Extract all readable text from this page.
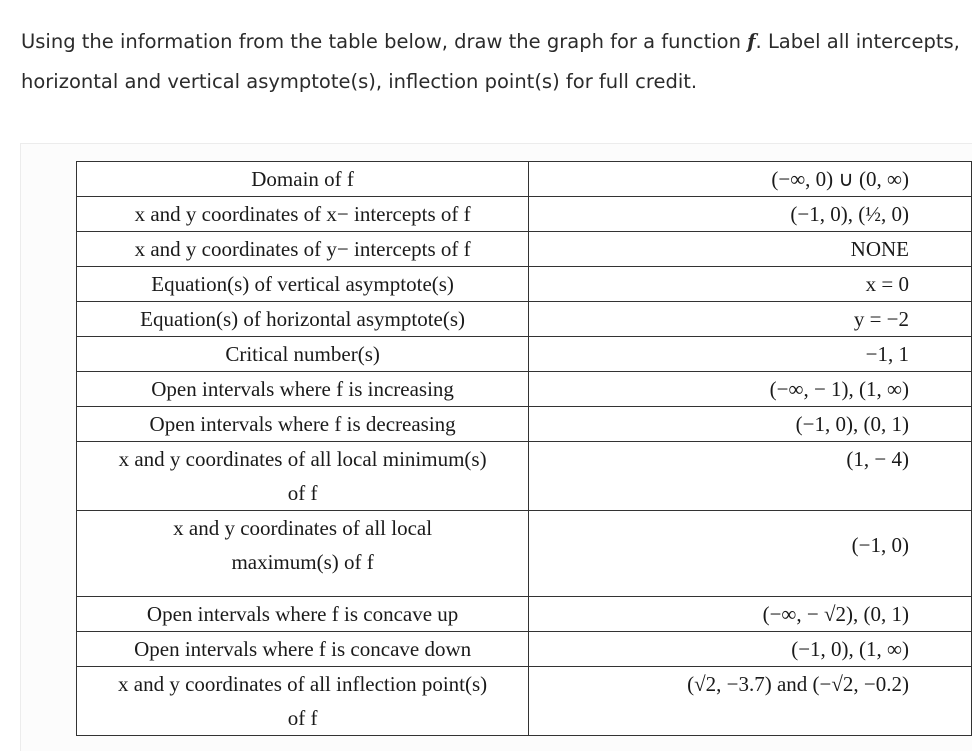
Using the information from the table below, draw the graph for a function f. Label all intercepts, horizontal and vertical asymptote(s), inflection point(s) for full credit.
Domain of f	(−∞, 0) ∪ (0, ∞)
x and y coordinates of x− intercepts of f	(−1, 0), (½, 0)
x and y coordinates of y− intercepts of f	NONE
Equation(s) of vertical asymptote(s)	x = 0
Equation(s) of horizontal asymptote(s)	y = −2
Critical number(s)	−1, 1
Open intervals where f is increasing	(−∞, − 1), (1, ∞)
Open intervals where f is decreasing	(−1, 0), (0, 1)
x and y coordinates of all local minimum(s) of f	(1, − 4)
x and y coordinates of all local maximum(s) of f	(−1, 0)
Open intervals where f is concave up	(−∞, − √2), (0, 1)
Open intervals where f is concave down	(−1, 0), (1, ∞)
x and y coordinates of all inflection point(s) of f	(√2, −3.7) and (−√2, −0.2)
